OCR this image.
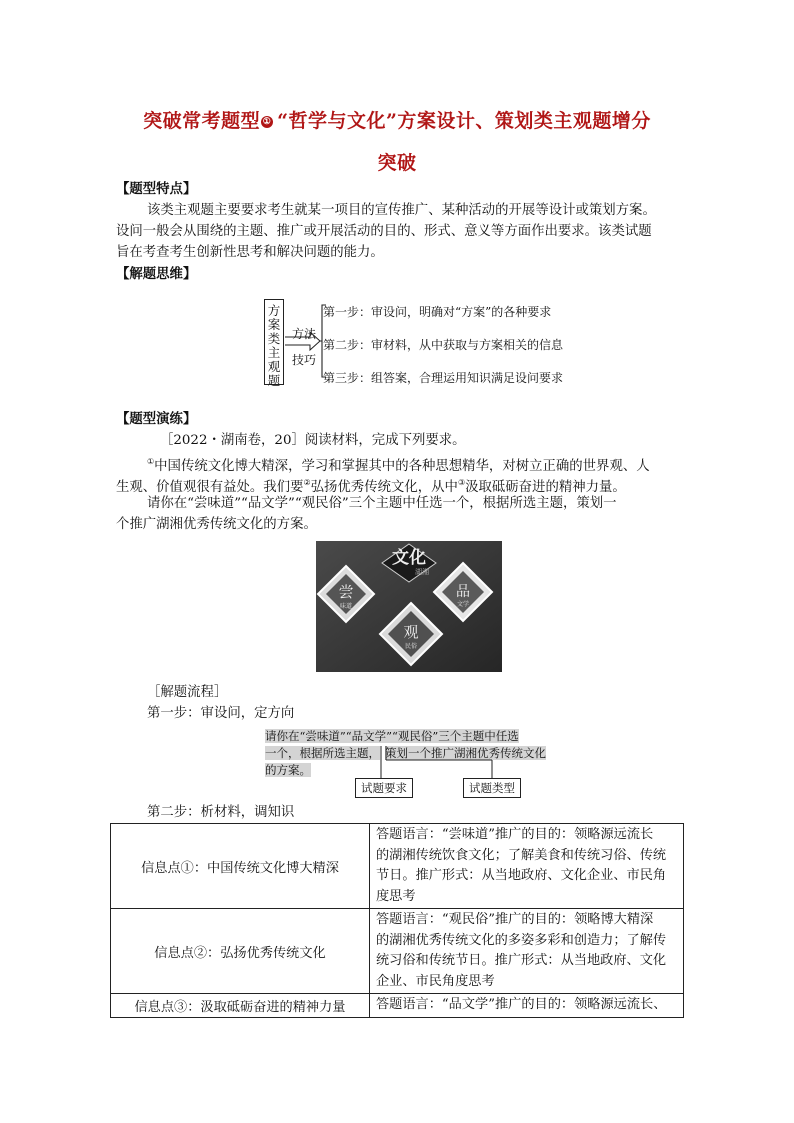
突破常考题型 ① “哲学与文化”方案设计、策划类主观题增分
突破
【题型特点】
该类主观题主要要求考生就某一项目的宣传推广、某种活动的开展等设计或策划方案。
设问一般会从围绕的主题、推广或开展活动的目的、形式、意义等方面作出要求。该类试题
旨在考查考生创新性思考和解决问题的能力。
【解题思维】
方案类主观题
方法
技巧
第一步：审设问，明确对“方案”的各种要求
第二步：审材料，从中获取与方案相关的信息
第三步：组答案，合理运用知识满足设问要求
【题型演练】
［2022・湖南卷，20］阅读材料，完成下列要求。
①中国传统文化博大精深，学习和掌握其中的各种思想精华，对树立正确的世界观、人
生观、价值观很有益处。我们要②弘扬优秀传统文化，从中③汲取砥砺奋进的精神力量。
请你在“尝味道”“品文学”“观民俗”三个主题中任选一个，根据所选主题，策划一
个推广湖湘优秀传统文化的方案。
文化
湖湘
尝
味道
品
文学
观
民俗
［解题流程］
第一步：审设问，定方向
请你在“尝味道”“品文学”“观民俗”三个主题中任选
一个，根据所选主题， 策划一个推广湖湘优秀传统文化
的方案。
试题要求	试题类型
第二步：析材料，调知识
信息点①：中国传统文化博大精深	答题语言：“尝味道”推广的目的：领略源远流长
的湖湘传统饮食文化；了解美食和传统习俗、传统
节日。推广形式：从当地政府、文化企业、市民角
度思考

信息点②：弘扬优秀传统文化	答题语言：“观民俗”推广的目的：领略博大精深
的湖湘优秀传统文化的多姿多彩和创造力；了解传
统习俗和传统节日。推广形式：从当地政府、文化
企业、市民角度思考

信息点③：汲取砥砺奋进的精神力量	答题语言：“品文学”推广的目的：领略源远流长、
